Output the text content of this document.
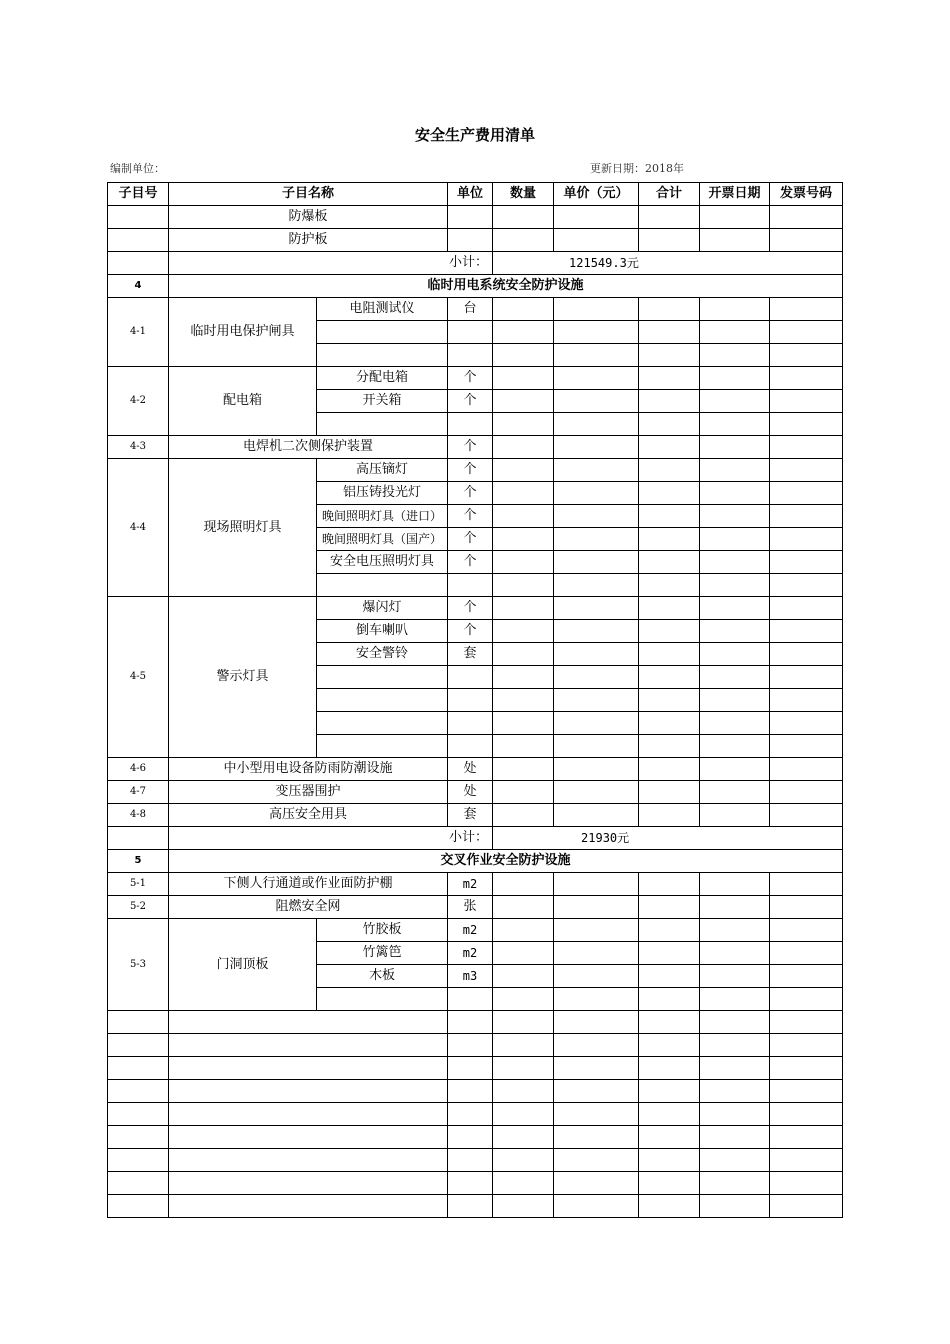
安全生产费用清单
编制单位：	更新日期：2018年
子目号	子目名称		单位	数量	单价（元）	合计	开票日期	发票号码
	防爆板							
	防护板							
	小计：			121549.3元				
4	临时用电系统安全防护设施							
4-1	临时用电保护闸具	电阻测试仪	台					

4-2	配电箱	分配电箱	个					
		开关箱	个					

4-3	电焊机二次侧保护装置		个					
4-4	现场照明灯具	高压镝灯	个					
		铝压铸投光灯	个					
		晚间照明灯具（进口）	个					
		晚间照明灯具（国产）	个					
		安全电压照明灯具	个					

4-5	警示灯具	爆闪灯	个					
		倒车喇叭	个					
		安全警铃	套					

4-6	中小型用电设备防雨防潮设施		处					
4-7	变压器围护		处					
4-8	高压安全用具		套					
	小计：			21930元				
5	交叉作业安全防护设施							
5-1	下侧人行通道或作业面防护棚		m2					
5-2	阻燃安全网		张					
5-3	门洞顶板	竹胶板	m2					
		竹篱笆	m2					
		木板	m3					
